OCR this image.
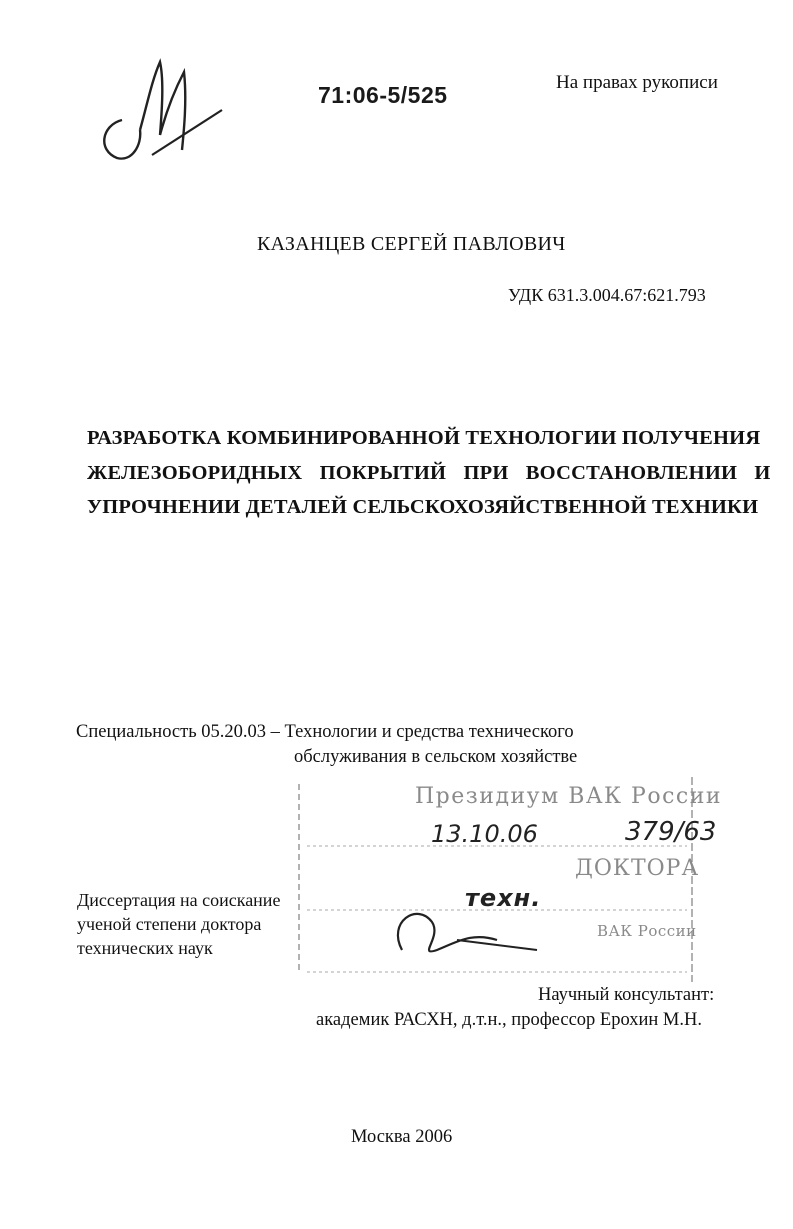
71:06-5/525	На правах рукописи
КАЗАНЦЕВ СЕРГЕЙ ПАВЛОВИЧ
УДК 631.3.004.67:621.793
РАЗРАБОТКА КОМБИНИРОВАННОЙ ТЕХНОЛОГИИ ПОЛУЧЕНИЯ
ЖЕЛЕЗОБОРИДНЫХ ПОКРЫТИЙ ПРИ ВОССТАНОВЛЕНИИ И
УПРОЧНЕНИИ ДЕТАЛЕЙ СЕЛЬСКОХОЗЯЙСТВЕННОЙ ТЕХНИКИ
Специальность 05.20.03 – Технологии и средства технического
обслуживания в сельском хозяйстве
Президиум ВАК России
ДОКТОРА
ВАК России
13.10.06	379/63
техн.
Диссертация на соискание
ученой степени доктора
технических наук
Научный консультант:
академик РАСХН, д.т.н., профессор Ерохин М.Н.
Москва 2006
